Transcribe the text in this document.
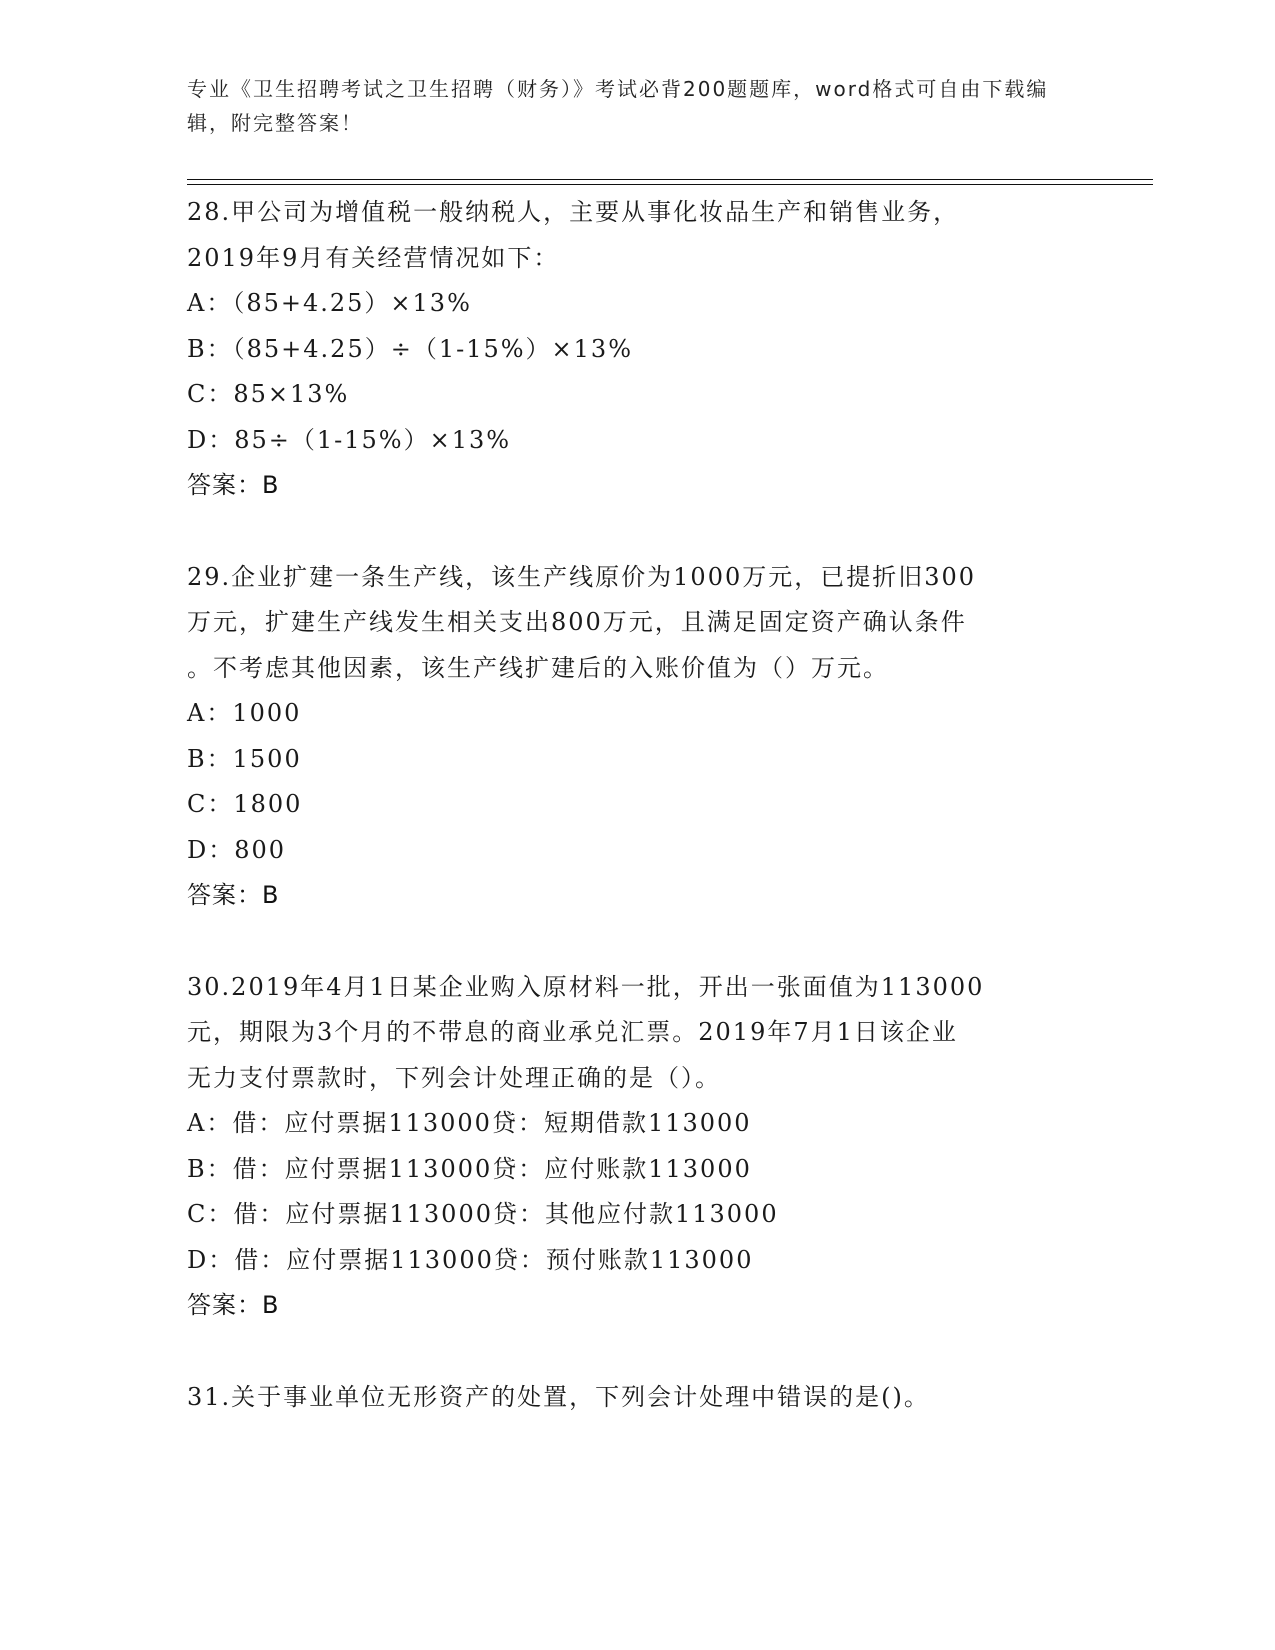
专业《卫生招聘考试之卫生招聘（财务）》考试必背200题题库，word格式可自由下载编辑，附完整答案！
28.甲公司为增值税一般纳税人，主要从事化妆品生产和销售业务，
2019年9月有关经营情况如下：
A：（85+4.25）×13%
B：（85+4.25）÷（1-15%）×13%
C：85×13%
D：85÷（1-15%）×13%
答案：B
29.企业扩建一条生产线，该生产线原价为1000万元，已提折旧300
万元，扩建生产线发生相关支出800万元，且满足固定资产确认条件
。不考虑其他因素，该生产线扩建后的入账价值为（）万元。
A：1000
B：1500
C：1800
D：800
答案：B
30.2019年4月1日某企业购入原材料一批，开出一张面值为113000
元，期限为3个月的不带息的商业承兑汇票。2019年7月1日该企业
无力支付票款时，下列会计处理正确的是（）。
A：借：应付票据113000贷：短期借款113000
B：借：应付票据113000贷：应付账款113000
C：借：应付票据113000贷：其他应付款113000
D：借：应付票据113000贷：预付账款113000
答案：B
31.关于事业单位无形资产的处置，下列会计处理中错误的是()。
